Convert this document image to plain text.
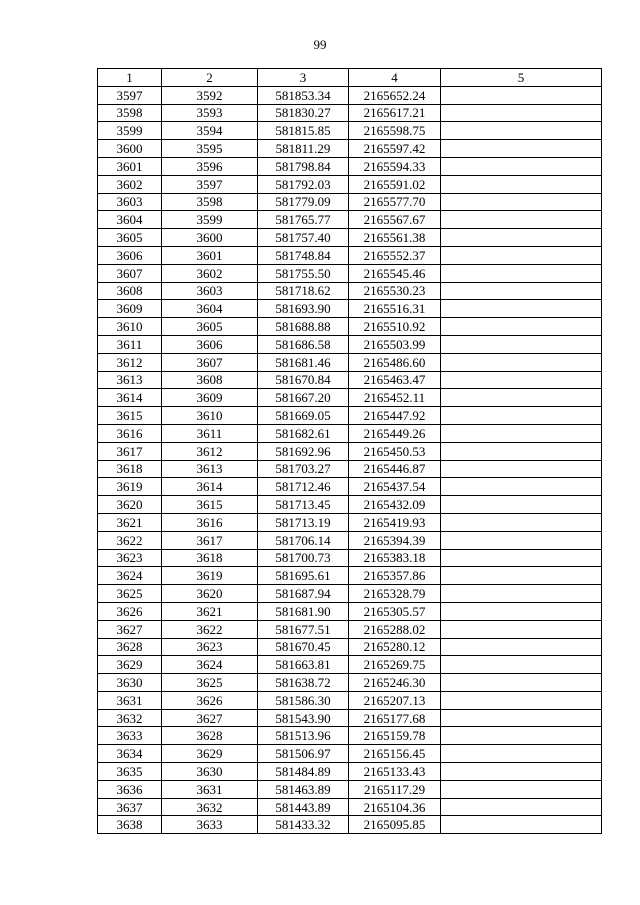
99
1	2	3	4	5
3597	3592	581853.34	2165652.24	
3598	3593	581830.27	2165617.21	
3599	3594	581815.85	2165598.75	
3600	3595	581811.29	2165597.42	
3601	3596	581798.84	2165594.33	
3602	3597	581792.03	2165591.02	
3603	3598	581779.09	2165577.70	
3604	3599	581765.77	2165567.67	
3605	3600	581757.40	2165561.38	
3606	3601	581748.84	2165552.37	
3607	3602	581755.50	2165545.46	
3608	3603	581718.62	2165530.23	
3609	3604	581693.90	2165516.31	
3610	3605	581688.88	2165510.92	
3611	3606	581686.58	2165503.99	
3612	3607	581681.46	2165486.60	
3613	3608	581670.84	2165463.47	
3614	3609	581667.20	2165452.11	
3615	3610	581669.05	2165447.92	
3616	3611	581682.61	2165449.26	
3617	3612	581692.96	2165450.53	
3618	3613	581703.27	2165446.87	
3619	3614	581712.46	2165437.54	
3620	3615	581713.45	2165432.09	
3621	3616	581713.19	2165419.93	
3622	3617	581706.14	2165394.39	
3623	3618	581700.73	2165383.18	
3624	3619	581695.61	2165357.86	
3625	3620	581687.94	2165328.79	
3626	3621	581681.90	2165305.57	
3627	3622	581677.51	2165288.02	
3628	3623	581670.45	2165280.12	
3629	3624	581663.81	2165269.75	
3630	3625	581638.72	2165246.30	
3631	3626	581586.30	2165207.13	
3632	3627	581543.90	2165177.68	
3633	3628	581513.96	2165159.78	
3634	3629	581506.97	2165156.45	
3635	3630	581484.89	2165133.43	
3636	3631	581463.89	2165117.29	
3637	3632	581443.89	2165104.36	
3638	3633	581433.32	2165095.85	
